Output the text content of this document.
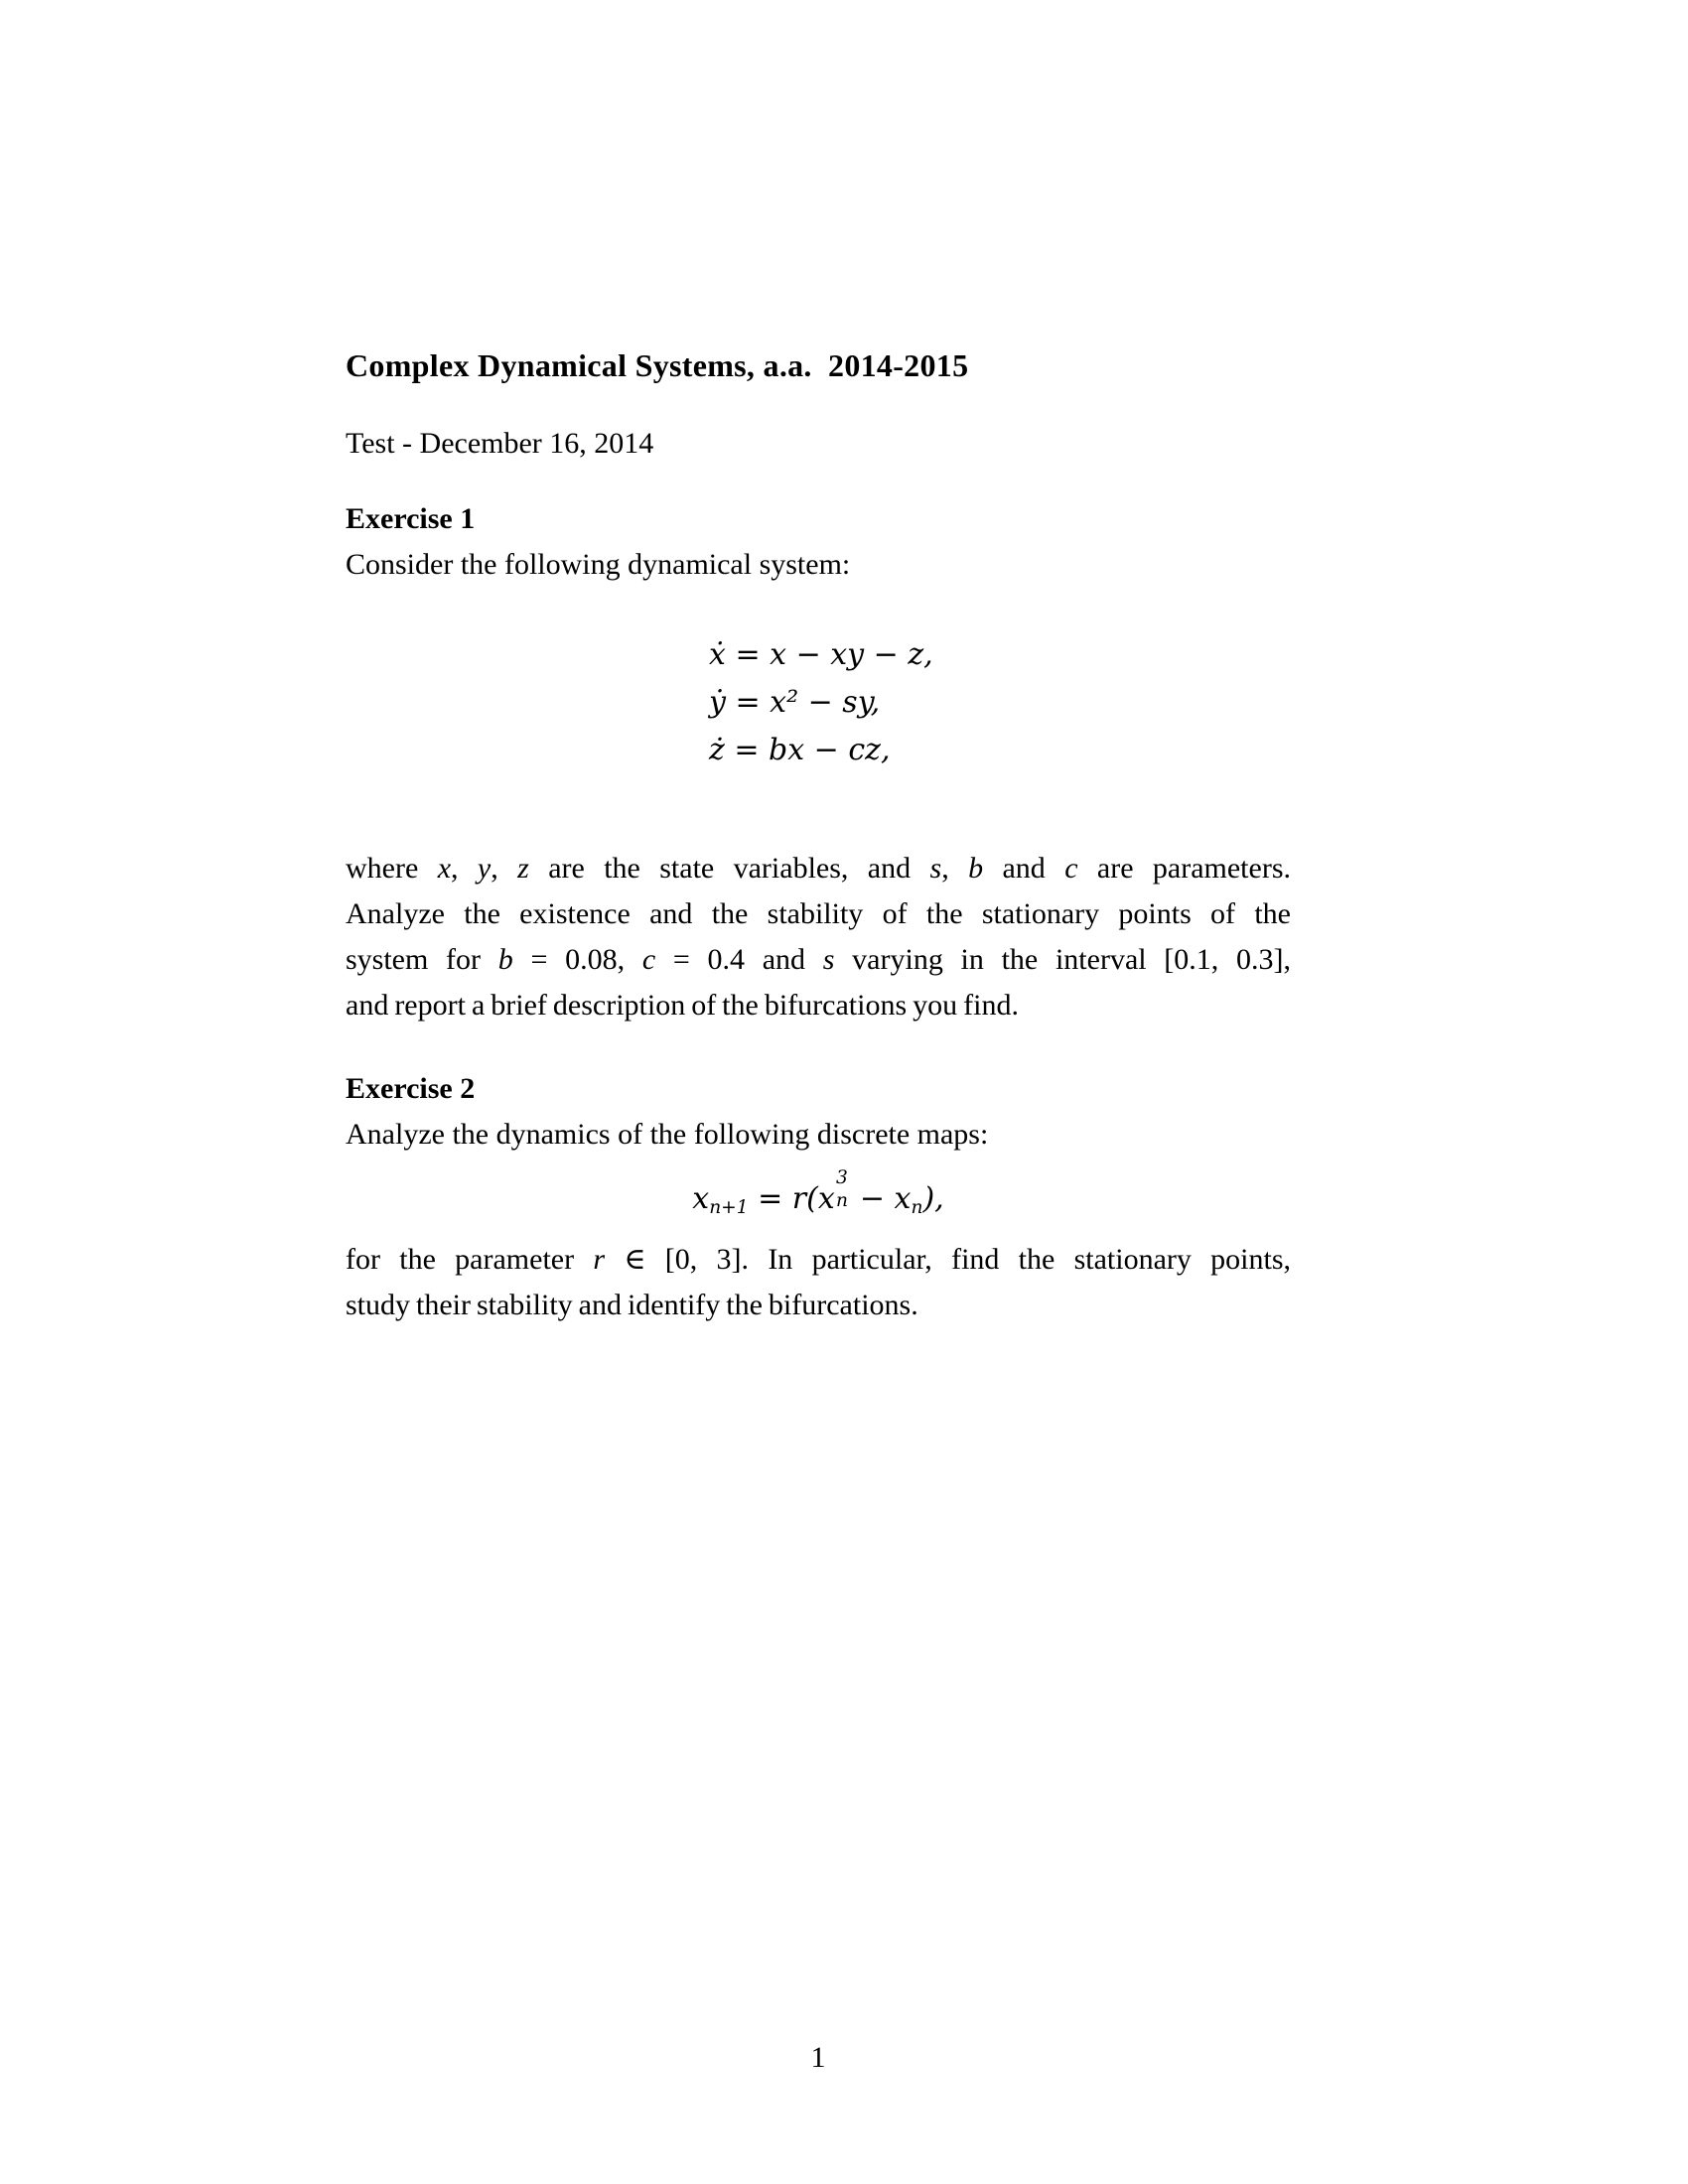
Complex Dynamical Systems, a.a. 2014-2015
Test - December 16, 2014
Exercise 1
Consider the following dynamical system:
ẋ = x − xy − z,
ẏ = x² − sy,
ż = bx − cz,
where x, y, z are the state variables, and s, b and c are parameters.
Analyze the existence and the stability of the stationary points of the
system for b = 0.08, c = 0.4 and s varying in the interval [0.1, 0.3],
and report a brief description of the bifurcations you find.
Exercise 2
Analyze the dynamics of the following discrete maps:
$x_{n+1} = r(x$
3
$n - x_n$),
for the parameter r ∈ [0, 3]. In particular, find the stationary points,
study their stability and identify the bifurcations.
1
